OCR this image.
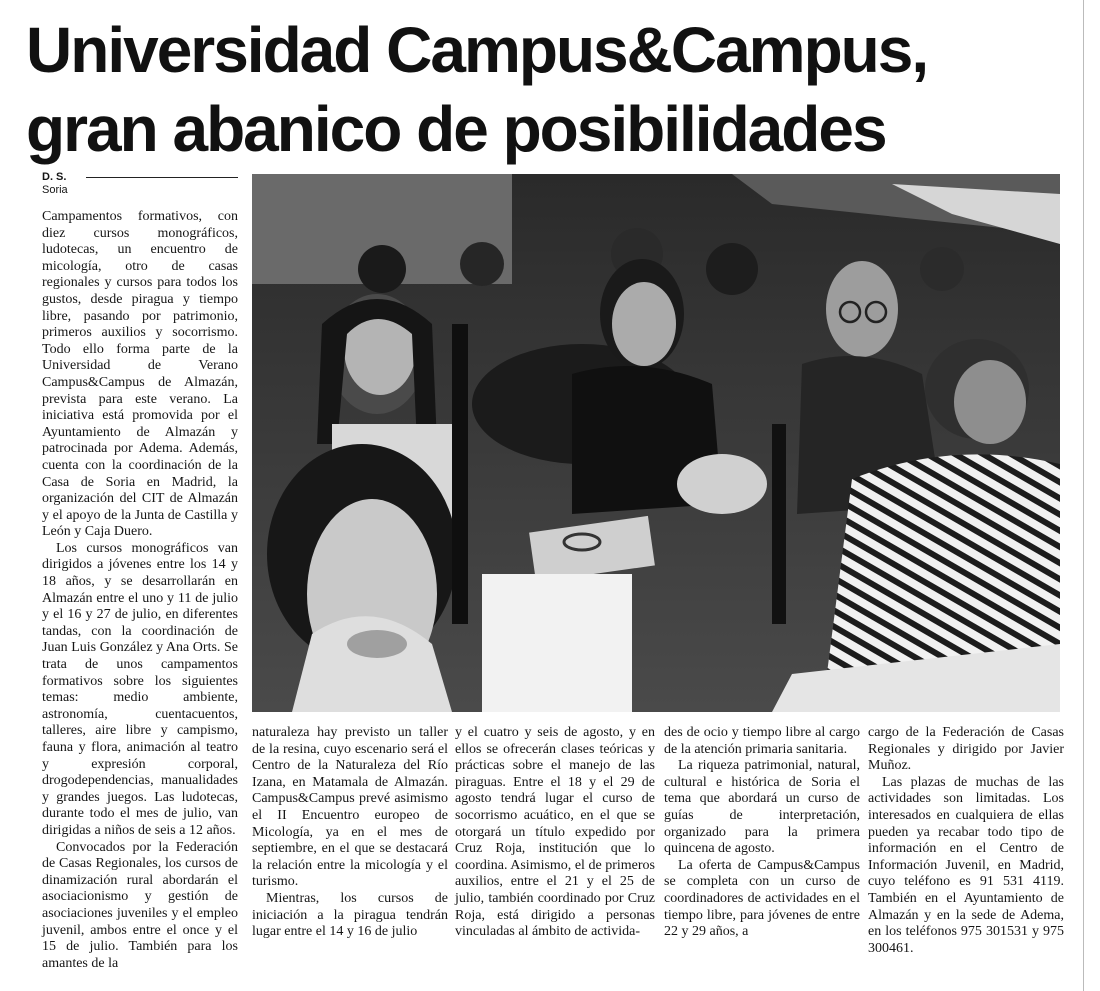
Universidad Campus&Campus,
gran abanico de posibilidades
D. S.
Soria

Campamentos formativos, con diez cursos monográficos, ludotecas, un encuentro de micología, otro de casas regionales y cursos para todos los gustos, desde piragua y tiempo libre, pasando por patrimonio, primeros auxilios y socorrismo. Todo ello forma parte de la Universidad de Verano Campus&Campus de Almazán, prevista para este verano. La iniciativa está promovida por el Ayuntamiento de Almazán y patrocinada por Adema. Además, cuenta con la coordinación de la Casa de Soria en Madrid, la organización del CIT de Almazán y el apoyo de la Junta de Castilla y León y Caja Duero.

Los cursos monográficos van dirigidos a jóvenes entre los 14 y 18 años, y se desarrollarán en Almazán entre el uno y 11 de julio y el 16 y 27 de julio, en diferentes tandas, con la coordinación de Juan Luis González y Ana Orts. Se trata de unos campamentos formativos sobre los siguientes temas: medio ambiente, astronomía, cuentacuentos, talleres, aire libre y campismo, fauna y flora, animación al teatro y expresión corporal, drogodependencias, manualidades y grandes juegos. Las ludotecas, durante todo el mes de julio, van dirigidas a niños de seis a 12 años.

Convocados por la Federación de Casas Regionales, los cursos de dinamización rural abordarán el asociacionismo y gestión de asociaciones juveniles y el empleo juvenil, ambos entre el once y el 15 de julio. También para los amantes de la

naturaleza hay previsto un taller de la resina, cuyo escenario será el Centro de la Naturaleza del Río Izana, en Matamala de Almazán. Campus&Campus prevé asimismo el II Encuentro europeo de Micología, ya en el mes de septiembre, en el que se destacará la relación entre la micología y el turismo.

Mientras, los cursos de iniciación a la piragua tendrán lugar entre el 14 y 16 de julio

y el cuatro y seis de agosto, y en ellos se ofrecerán clases teóricas y prácticas sobre el manejo de las piraguas. Entre el 18 y el 29 de agosto tendrá lugar el curso de socorrismo acuático, en el que se otorgará un título expedido por Cruz Roja, institución que lo coordina. Asimismo, el de primeros auxilios, entre el 21 y el 25 de julio, también coordinado por Cruz Roja, está dirigido a personas vinculadas al ámbito de activida-

des de ocio y tiempo libre al cargo de la atención primaria sanitaria.

La riqueza patrimonial, natural, cultural e histórica de Soria el tema que abordará un curso de guías de interpretación, organizado para la primera quincena de agosto.

La oferta de Campus&Campus se completa con un curso de coordinadores de actividades en el tiempo libre, para jóvenes de entre 22 y 29 años, a

cargo de la Federación de Casas Regionales y dirigido por Javier Muñoz.

Las plazas de muchas de las actividades son limitadas. Los interesados en cualquiera de ellas pueden ya recabar todo tipo de información en el Centro de Información Juvenil, en Madrid, cuyo teléfono es 91 531 4119. También en el Ayuntamiento de Almazán y en la sede de Adema, en los teléfonos 975 301531 y 975 300461.
